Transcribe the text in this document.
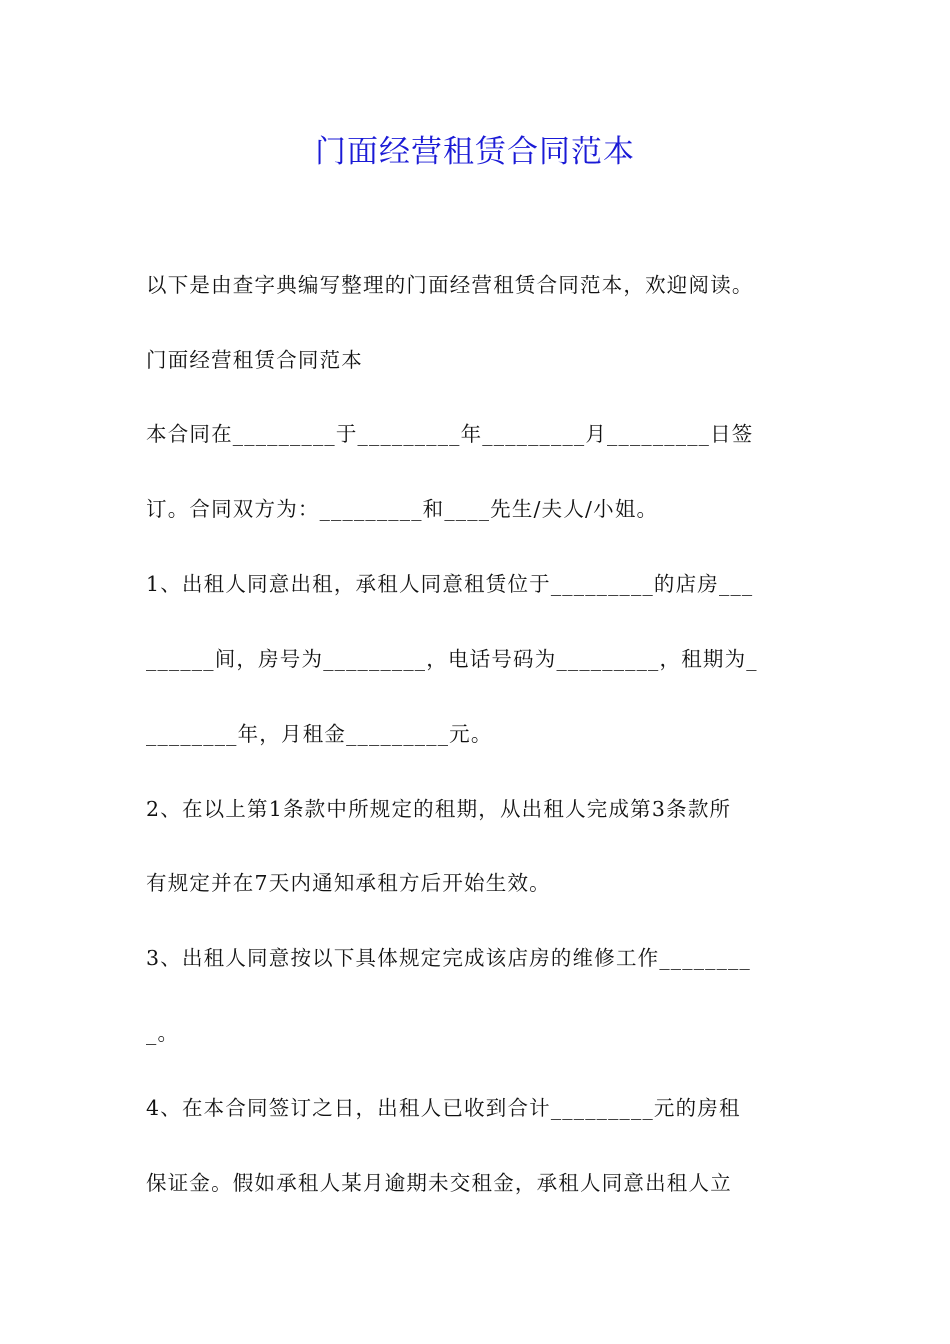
门面经营租赁合同范本

以下是由查字典编写整理的门面经营租赁合同范本，欢迎阅读。

门面经营租赁合同范本

本合同在_________于_________年_________月_________日签

订。合同双方为：_________和____先生/夫人/小姐。

1、出租人同意出租，承租人同意租赁位于_________的店房___

______间，房号为_________，电话号码为_________，租期为_

________年，月租金_________元。

2、在以上第1条款中所规定的租期，从出租人完成第3条款所

有规定并在7天内通知承租方后开始生效。

3、出租人同意按以下具体规定完成该店房的维修工作________

_。

4、在本合同签订之日，出租人已收到合计_________元的房租

保证金。假如承租人某月逾期未交租金，承租人同意出租人立
